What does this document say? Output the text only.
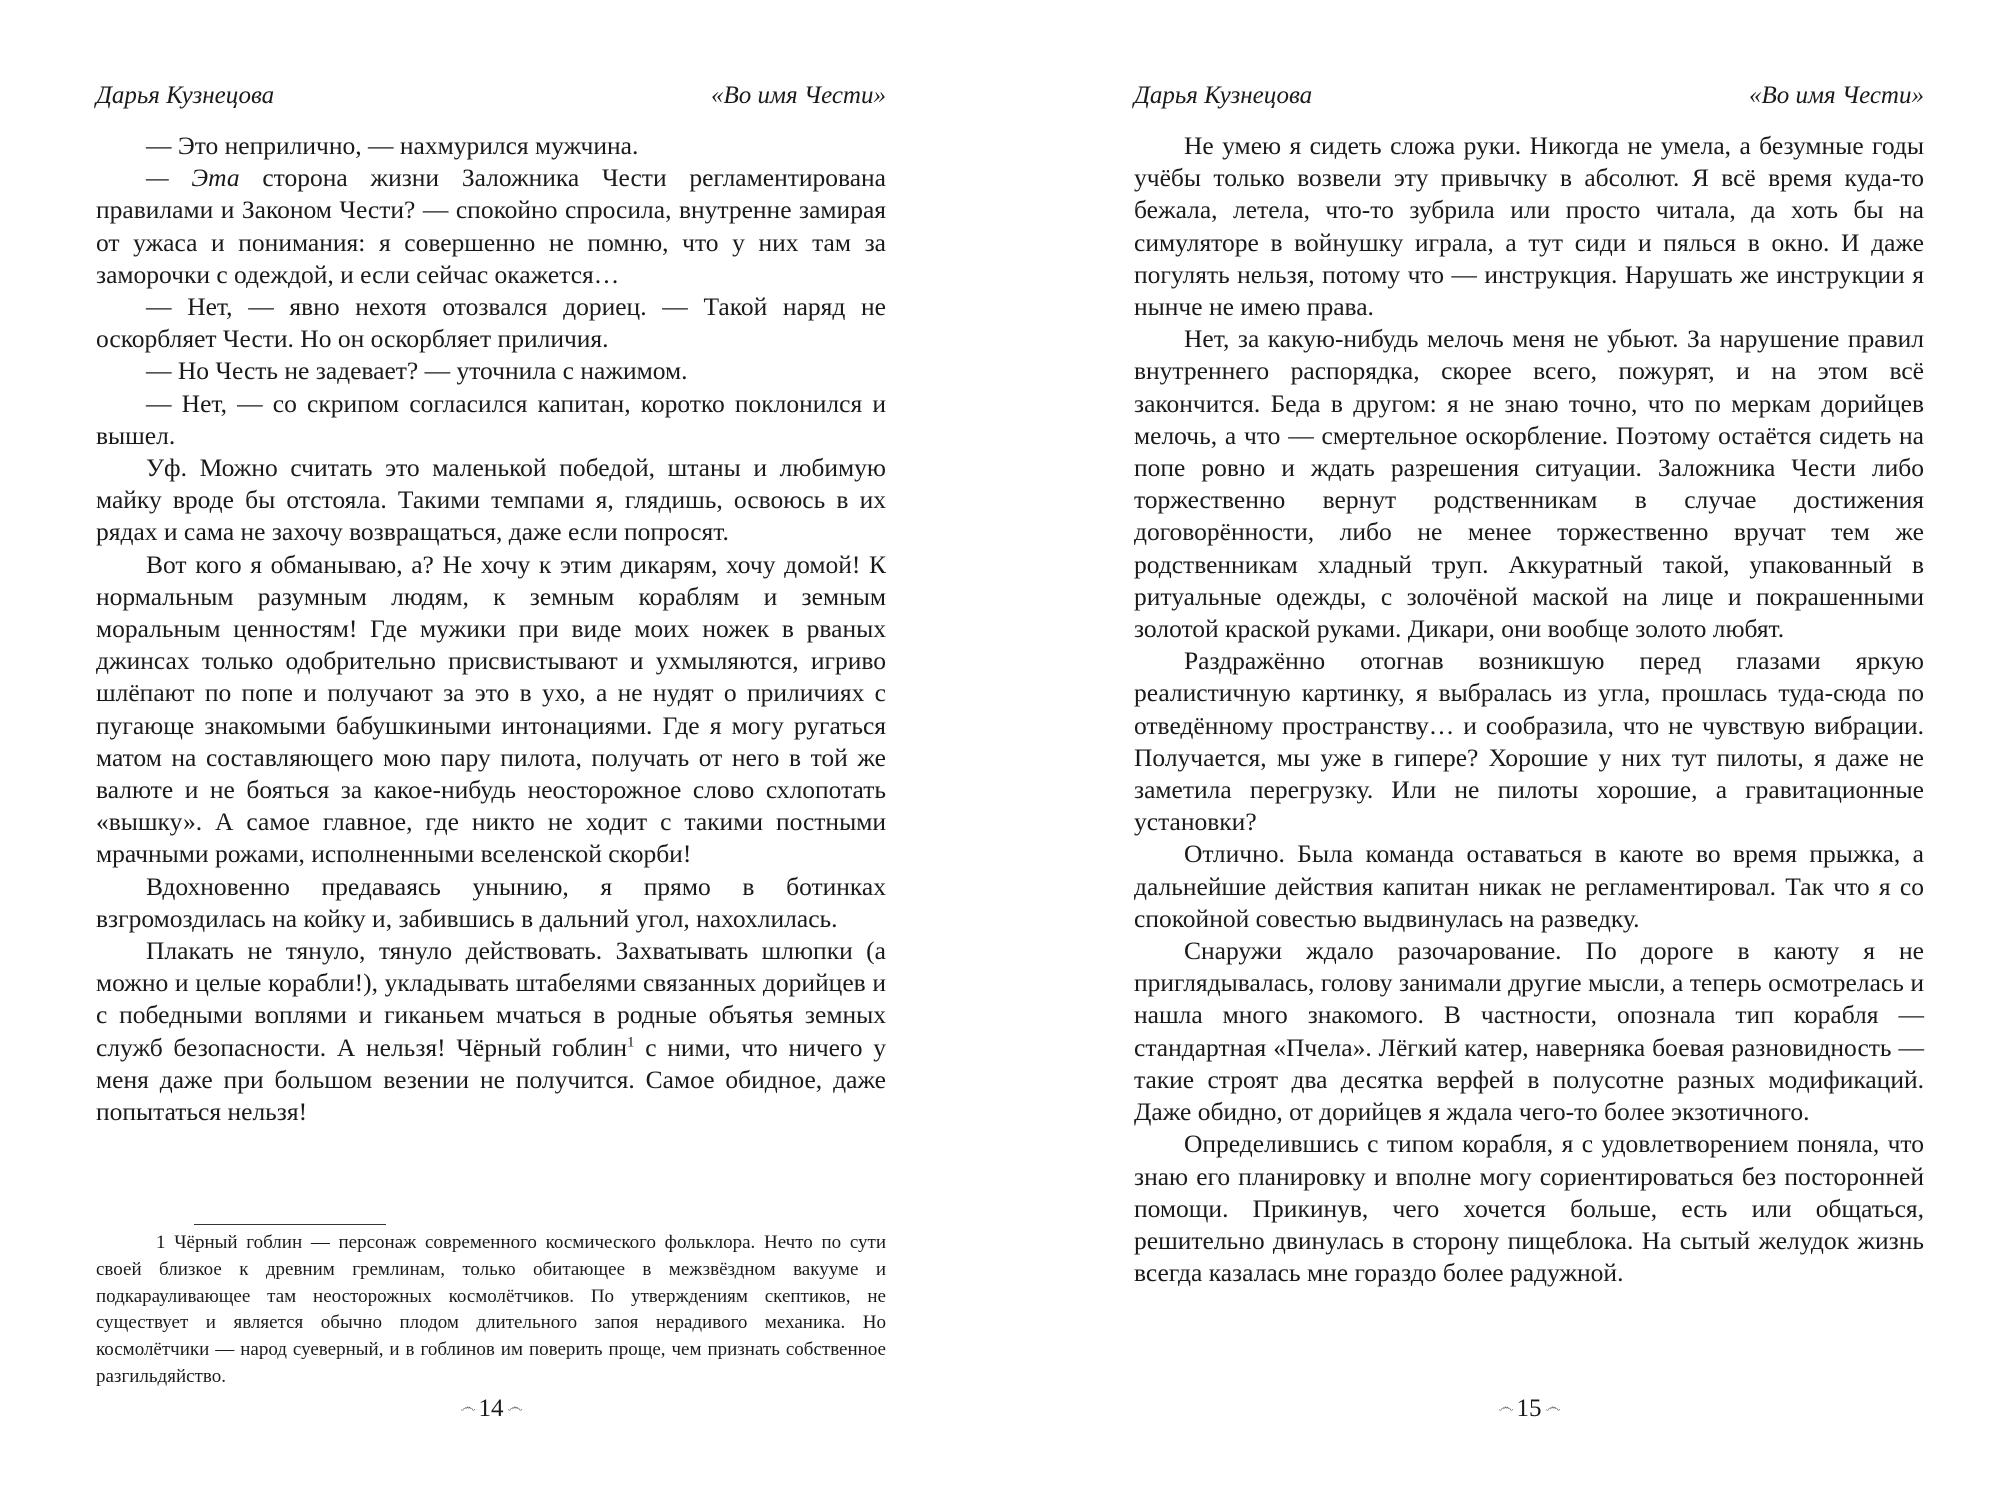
Дарья Кузнецова	«Во имя Чести»

— Это неприлично, — нахмурился мужчина.

— Эта сторона жизни Заложника Чести регламентирована правилами и Законом Чести? — спокойно спросила, внутренне замирая от ужаса и понимания: я совершенно не помню, что у них там за заморочки с одеждой, и если сейчас окажется…

— Нет, — явно нехотя отозвался дориец. — Такой наряд не оскорбляет Чести. Но он оскорбляет приличия.

— Но Честь не задевает? — уточнила с нажимом.

— Нет, — со скрипом согласился капитан, коротко поклонился и вышел.

Уф. Можно считать это маленькой победой, штаны и любимую майку вроде бы отстояла. Такими темпами я, глядишь, освоюсь в их рядах и сама не захочу возвращаться, даже если попросят.

Вот кого я обманываю, а? Не хочу к этим дикарям, хочу домой! К нормальным разумным людям, к земным кораблям и земным моральным ценностям! Где мужики при виде моих ножек в рваных джинсах только одобрительно присвистывают и ухмыляются, игриво шлёпают по попе и получают за это в ухо, а не нудят о приличиях с пугающе знакомыми бабушкиными интонациями. Где я могу ругаться матом на составляющего мою пару пилота, получать от него в той же валюте и не бояться за какое-нибудь неосторожное слово схлопотать «вышку». А самое главное, где никто не ходит с такими постными мрачными рожами, исполненными вселенской скорби!

Вдохновенно предаваясь унынию, я прямо в ботинках взгромоздилась на койку и, забившись в дальний угол, нахохлилась.

Плакать не тянуло, тянуло действовать. Захватывать шлюпки (а можно и целые корабли!), укладывать штабелями связанных дорийцев и с победными воплями и гиканьем мчаться в родные объятья земных служб безопасности. А нельзя! Чёрный гоблин$^1$ с ними, что ничего у меня даже при большом везении не получится. Самое обидное, даже попытаться нельзя!

1 Чёрный гоблин — персонаж современного космического фольклора. Нечто по сути своей близкое к древним гремлинам, только обитающее в межзвёздном вакууме и подкарауливающее там неосторожных космолётчиков. По утверждениям скептиков, не существует и является обычно плодом длительного запоя нерадивого механика. Но космолётчики — народ суеверный, и в гоблинов им поверить проще, чем признать собственное разгильдяйство.

෴ 14 ෴
Дарья Кузнецова	«Во имя Чести»

Не умею я сидеть сложа руки. Никогда не умела, а безумные годы учёбы только возвели эту привычку в абсолют. Я всё время куда-то бежала, летела, что-то зубрила или просто читала, да хоть бы на симуляторе в войнушку играла, а тут сиди и пялься в окно. И даже погулять нельзя, потому что — инструкция. Нарушать же инструкции я нынче не имею права.

Нет, за какую-нибудь мелочь меня не убьют. За нарушение правил внутреннего распорядка, скорее всего, пожурят, и на этом всё закончится. Беда в другом: я не знаю точно, что по меркам дорийцев мелочь, а что — смертельное оскорбление. Поэтому остаётся сидеть на попе ровно и ждать разрешения ситуации. Заложника Чести либо торжественно вернут родственникам в случае достижения договорённости, либо не менее торжественно вручат тем же родственникам хладный труп. Аккуратный такой, упакованный в ритуальные одежды, с золочёной маской на лице и покрашенными золотой краской руками. Дикари, они вообще золото любят.

Раздражённо отогнав возникшую перед глазами яркую реалистичную картинку, я выбралась из угла, прошлась туда-сюда по отведённому пространству… и сообразила, что не чувствую вибрации. Получается, мы уже в гипере? Хорошие у них тут пилоты, я даже не заметила перегрузку. Или не пилоты хорошие, а гравитационные установки?

Отлично. Была команда оставаться в каюте во время прыжка, а дальнейшие действия капитан никак не регламентировал. Так что я со спокойной совестью выдвинулась на разведку.

Снаружи ждало разочарование. По дороге в каюту я не приглядывалась, голову занимали другие мысли, а теперь осмотрелась и нашла много знакомого. В частности, опознала тип корабля — стандартная «Пчела». Лёгкий катер, наверняка боевая разновидность — такие строят два десятка верфей в полусотне разных модификаций. Даже обидно, от дорийцев я ждала чего-то более экзотичного.

Определившись с типом корабля, я с удовлетворением поняла, что знаю его планировку и вполне могу сориентироваться без посторонней помощи. Прикинув, чего хочется больше, есть или общаться, решительно двинулась в сторону пищеблока. На сытый желудок жизнь всегда казалась мне гораздо более радужной.

෴ 15 ෴
